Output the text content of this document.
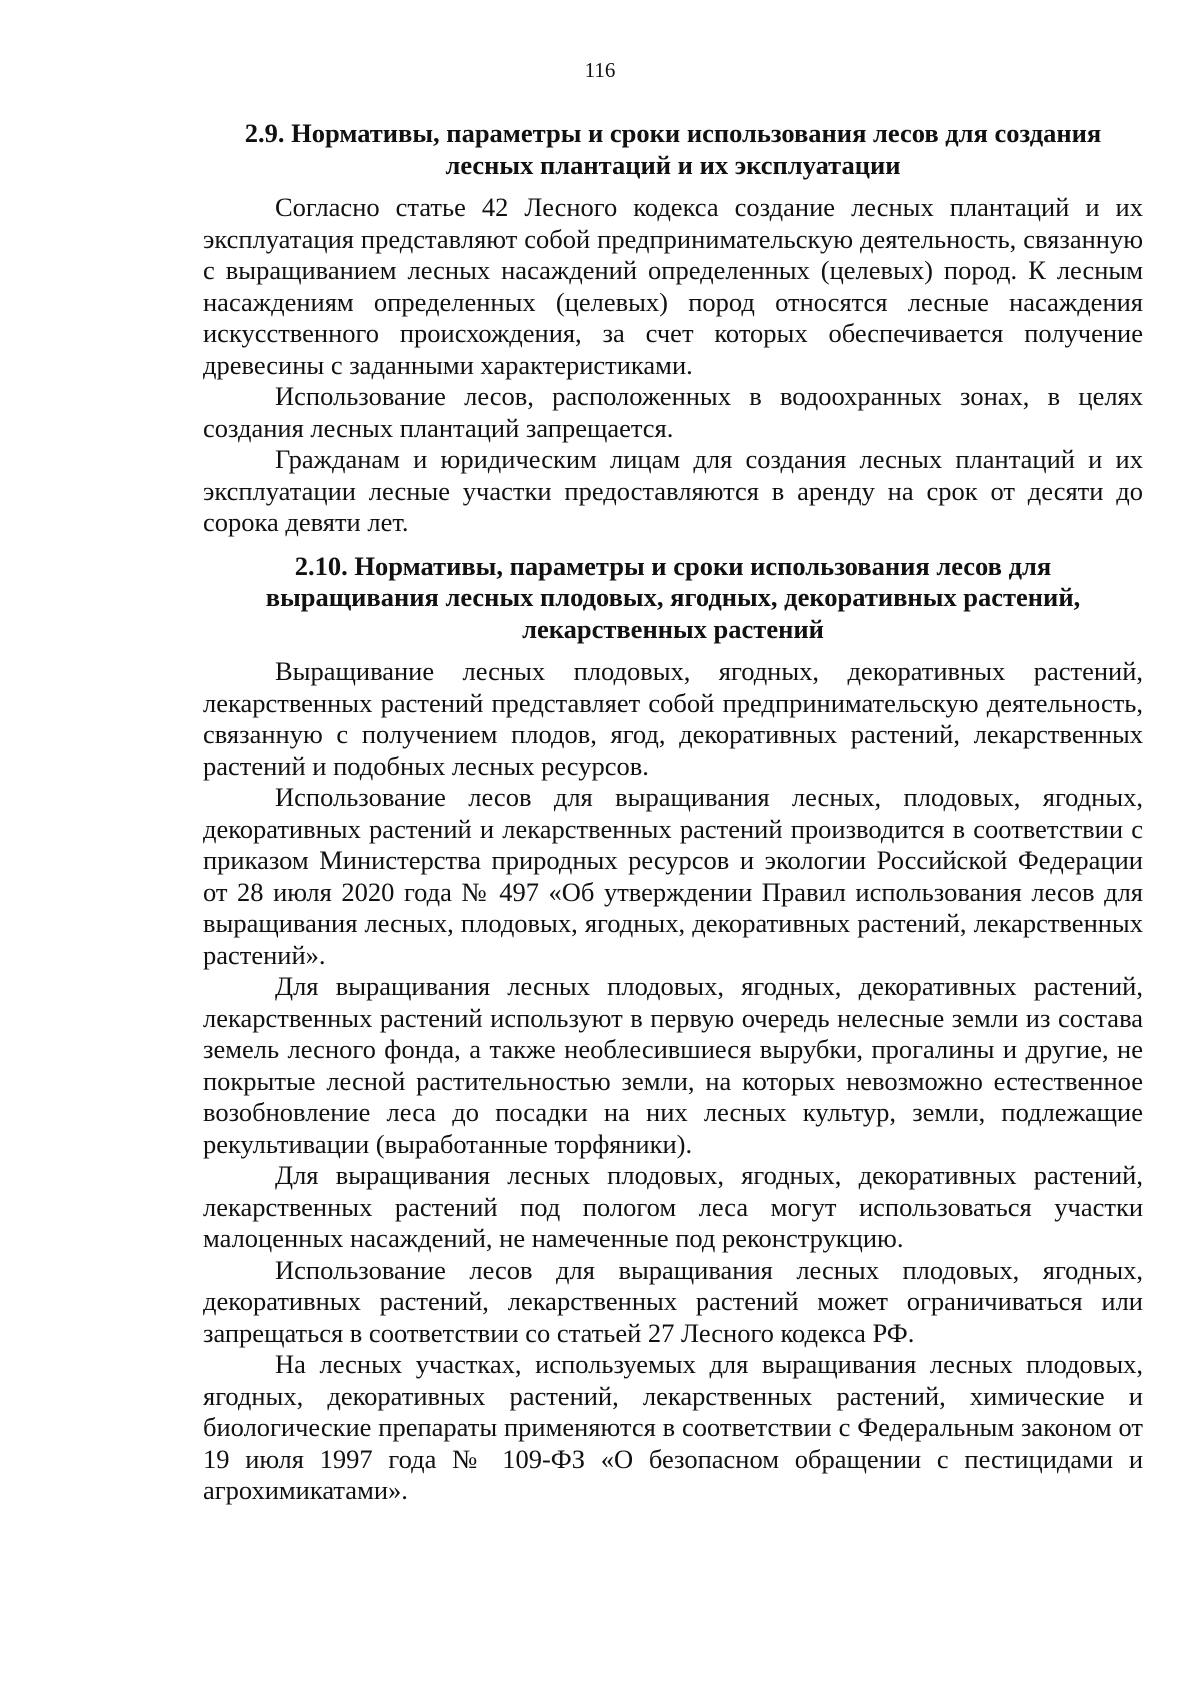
116
2.9. Нормативы, параметры и сроки использования лесов для создания лесных плантаций и их эксплуатации

Согласно статье 42 Лесного кодекса создание лесных плантаций и их эксплуатация представляют собой предпринимательскую деятельность, связанную с выращиванием лесных насаждений определенных (целевых) пород. К лесным насаждениям определенных (целевых) пород относятся лесные насаждения искусственного происхождения, за счет которых обеспечивается получение древесины с заданными характеристиками.

Использование лесов, расположенных в водоохранных зонах, в целях создания лесных плантаций запрещается.

Гражданам и юридическим лицам для создания лесных плантаций и их эксплуатации лесные участки предоставляются в аренду на срок от десяти до сорока девяти лет.

2.10. Нормативы, параметры и сроки использования лесов для выращивания лесных плодовых, ягодных, декоративных растений, лекарственных растений

Выращивание лесных плодовых, ягодных, декоративных растений, лекарственных растений представляет собой предпринимательскую деятельность, связанную с получением плодов, ягод, декоративных растений, лекарственных растений и подобных лесных ресурсов.

Использование лесов для выращивания лесных, плодовых, ягодных, декоративных растений и лекарственных растений производится в соответствии с приказом Министерства природных ресурсов и экологии Российской Федерации от 28 июля 2020 года № 497 «Об утверждении Правил использования лесов для выращивания лесных, плодовых, ягодных, декоративных растений, лекарственных растений».

Для выращивания лесных плодовых, ягодных, декоративных растений, лекарственных растений используют в первую очередь нелесные земли из состава земель лесного фонда, а также необлесившиеся вырубки, прогалины и другие, не покрытые лесной растительностью земли, на которых невозможно естественное возобновление леса до посадки на них лесных культур, земли, подлежащие рекультивации (выработанные торфяники).

Для выращивания лесных плодовых, ягодных, декоративных растений, лекарственных растений под пологом леса могут использоваться участки малоценных насаждений, не намеченные под реконструкцию.

Использование лесов для выращивания лесных плодовых, ягодных, декоративных растений, лекарственных растений может ограничиваться или запрещаться в соответствии со статьей 27 Лесного кодекса РФ.

На лесных участках, используемых для выращивания лесных плодовых, ягодных, декоративных растений, лекарственных растений, химические и биологические препараты применяются в соответствии с Федеральным законом от 19 июля 1997 года № 109-ФЗ «О безопасном обращении с пестицидами и агрохимикатами».
